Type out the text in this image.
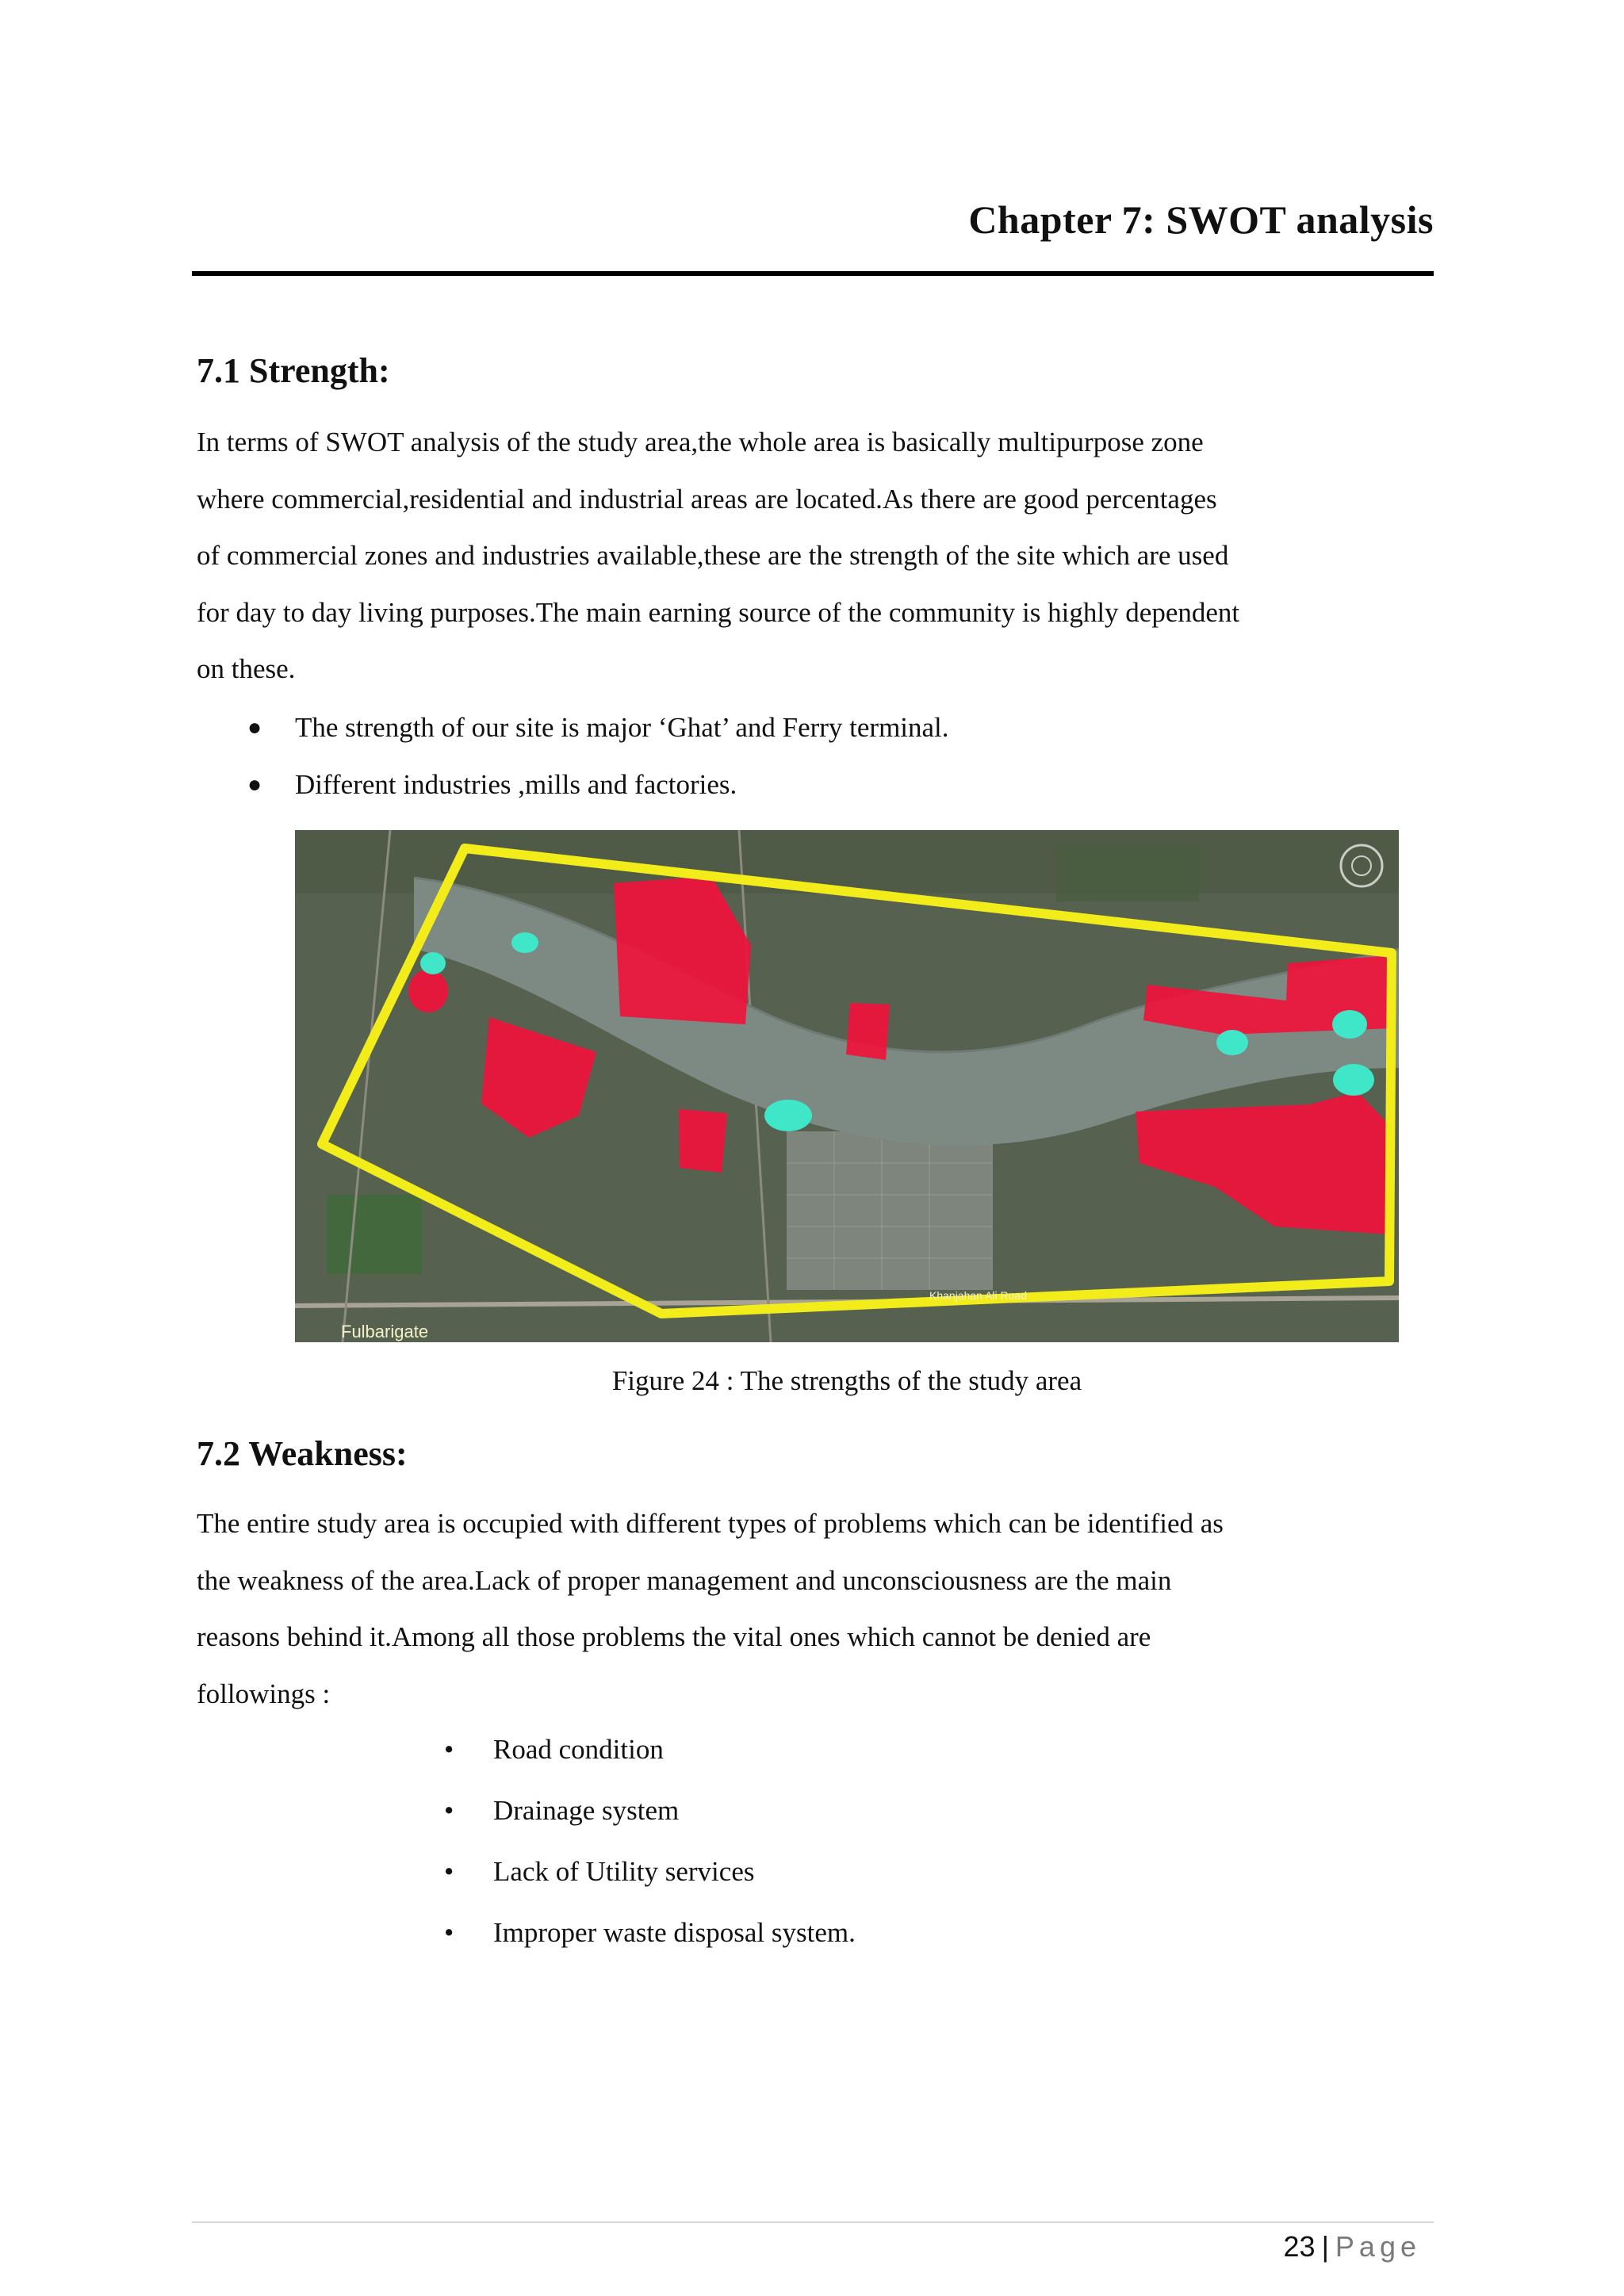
Chapter 7: SWOT analysis
7.1 Strength:
In terms of SWOT analysis of the study area,the whole area is basically multipurpose zone
where commercial,residential and industrial areas are located.As there are good percentages
of commercial zones and industries available,these are the strength of the site which are used
for day to day living purposes.The main earning source of the community is highly dependent
on these.
● The strength of our site is major ‘Ghat’ and Ferry terminal.
● Different industries ,mills and factories.
Fulbarigate
Khanjahan Ali Road

Figure 24 : The strengths of the study area

7.2 Weakness:
The entire study area is occupied with different types of problems which can be identified as
the weakness of the area.Lack of proper management and unconsciousness are the main
reasons behind it.Among all those problems the vital ones which cannot be denied are
followings :
• Road condition
• Drainage system
• Lack of Utility services
• Improper waste disposal system.
23 | Page
